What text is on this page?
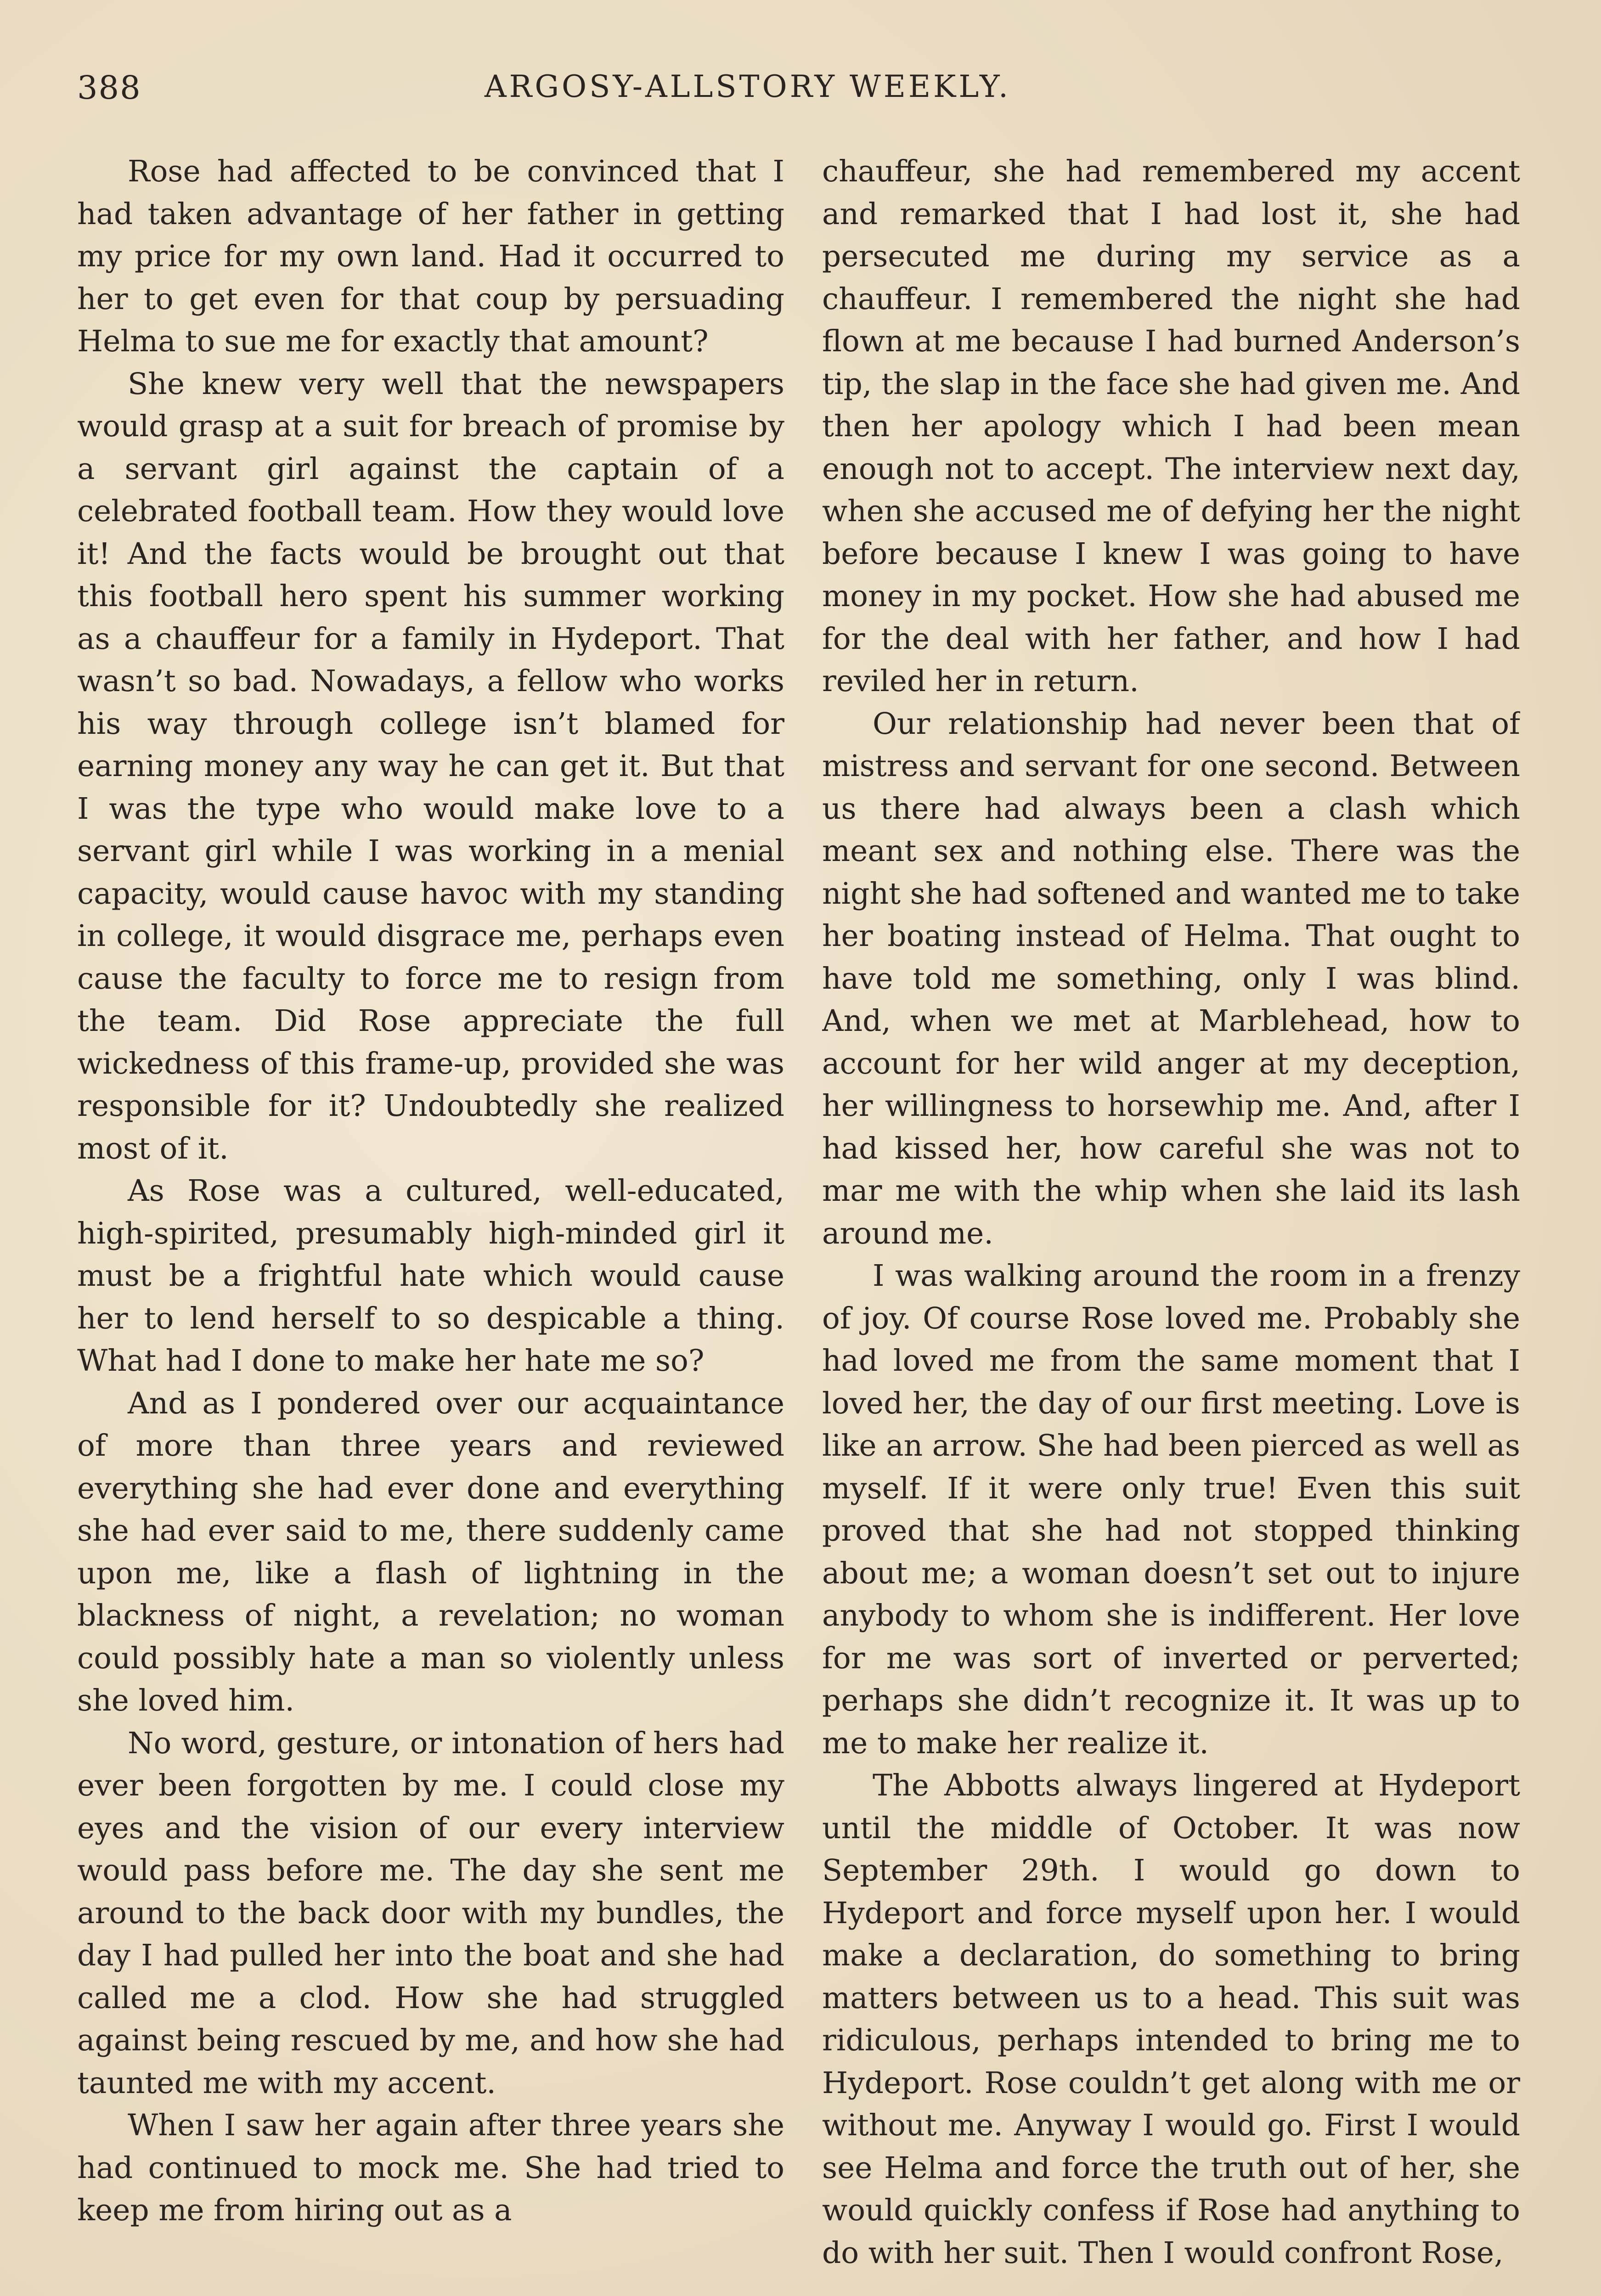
388	ARGOSY-ALLSTORY WEEKLY.

Rose had affected to be convinced that I had taken advantage of her father in getting my price for my own land. Had it occurred to her to get even for that coup by persuading Helma to sue me for exactly that amount?

She knew very well that the newspapers would grasp at a suit for breach of promise by a servant girl against the captain of a celebrated football team. How they would love it! And the facts would be brought out that this football hero spent his summer working as a chauffeur for a family in Hydeport. That wasn’t so bad. Nowadays, a fellow who works his way through college isn’t blamed for earning money any way he can get it. But that I was the type who would make love to a servant girl while I was working in a menial capacity, would cause havoc with my standing in college, it would disgrace me, perhaps even cause the faculty to force me to resign from the team. Did Rose appreciate the full wickedness of this frame-up, provided she was responsible for it? Undoubtedly she realized most of it.

As Rose was a cultured, well-educated, high-spirited, presumably high-minded girl it must be a frightful hate which would cause her to lend herself to so despicable a thing. What had I done to make her hate me so?

And as I pondered over our acquaintance of more than three years and reviewed everything she had ever done and everything she had ever said to me, there suddenly came upon me, like a flash of lightning in the blackness of night, a revelation; no woman could possibly hate a man so violently unless she loved him.

No word, gesture, or intonation of hers had ever been forgotten by me. I could close my eyes and the vision of our every interview would pass before me. The day she sent me around to the back door with my bundles, the day I had pulled her into the boat and she had called me a clod. How she had struggled against being rescued by me, and how she had taunted me with my accent.

When I saw her again after three years she had continued to mock me. She had tried to keep me from hiring out as a

chauffeur, she had remembered my accent and remarked that I had lost it, she had persecuted me during my service as a chauffeur. I remembered the night she had flown at me because I had burned Anderson’s tip, the slap in the face she had given me. And then her apology which I had been mean enough not to accept. The interview next day, when she accused me of defying her the night before because I knew I was going to have money in my pocket. How she had abused me for the deal with her father, and how I had reviled her in return.

Our relationship had never been that of mistress and servant for one second. Between us there had always been a clash which meant sex and nothing else. There was the night she had softened and wanted me to take her boating instead of Helma. That ought to have told me something, only I was blind. And, when we met at Marblehead, how to account for her wild anger at my deception, her willingness to horsewhip me. And, after I had kissed her, how careful she was not to mar me with the whip when she laid its lash around me.

I was walking around the room in a frenzy of joy. Of course Rose loved me. Probably she had loved me from the same moment that I loved her, the day of our first meeting. Love is like an arrow. She had been pierced as well as myself. If it were only true! Even this suit proved that she had not stopped thinking about me; a woman doesn’t set out to injure anybody to whom she is indifferent. Her love for me was sort of inverted or perverted; perhaps she didn’t recognize it. It was up to me to make her realize it.

The Abbotts always lingered at Hydeport until the middle of October. It was now September 29th. I would go down to Hydeport and force myself upon her. I would make a declaration, do something to bring matters between us to a head. This suit was ridiculous, perhaps intended to bring me to Hydeport. Rose couldn’t get along with me or without me. Anyway I would go. First I would see Helma and force the truth out of her, she would quickly confess if Rose had anything to do with her suit. Then I would confront Rose,
